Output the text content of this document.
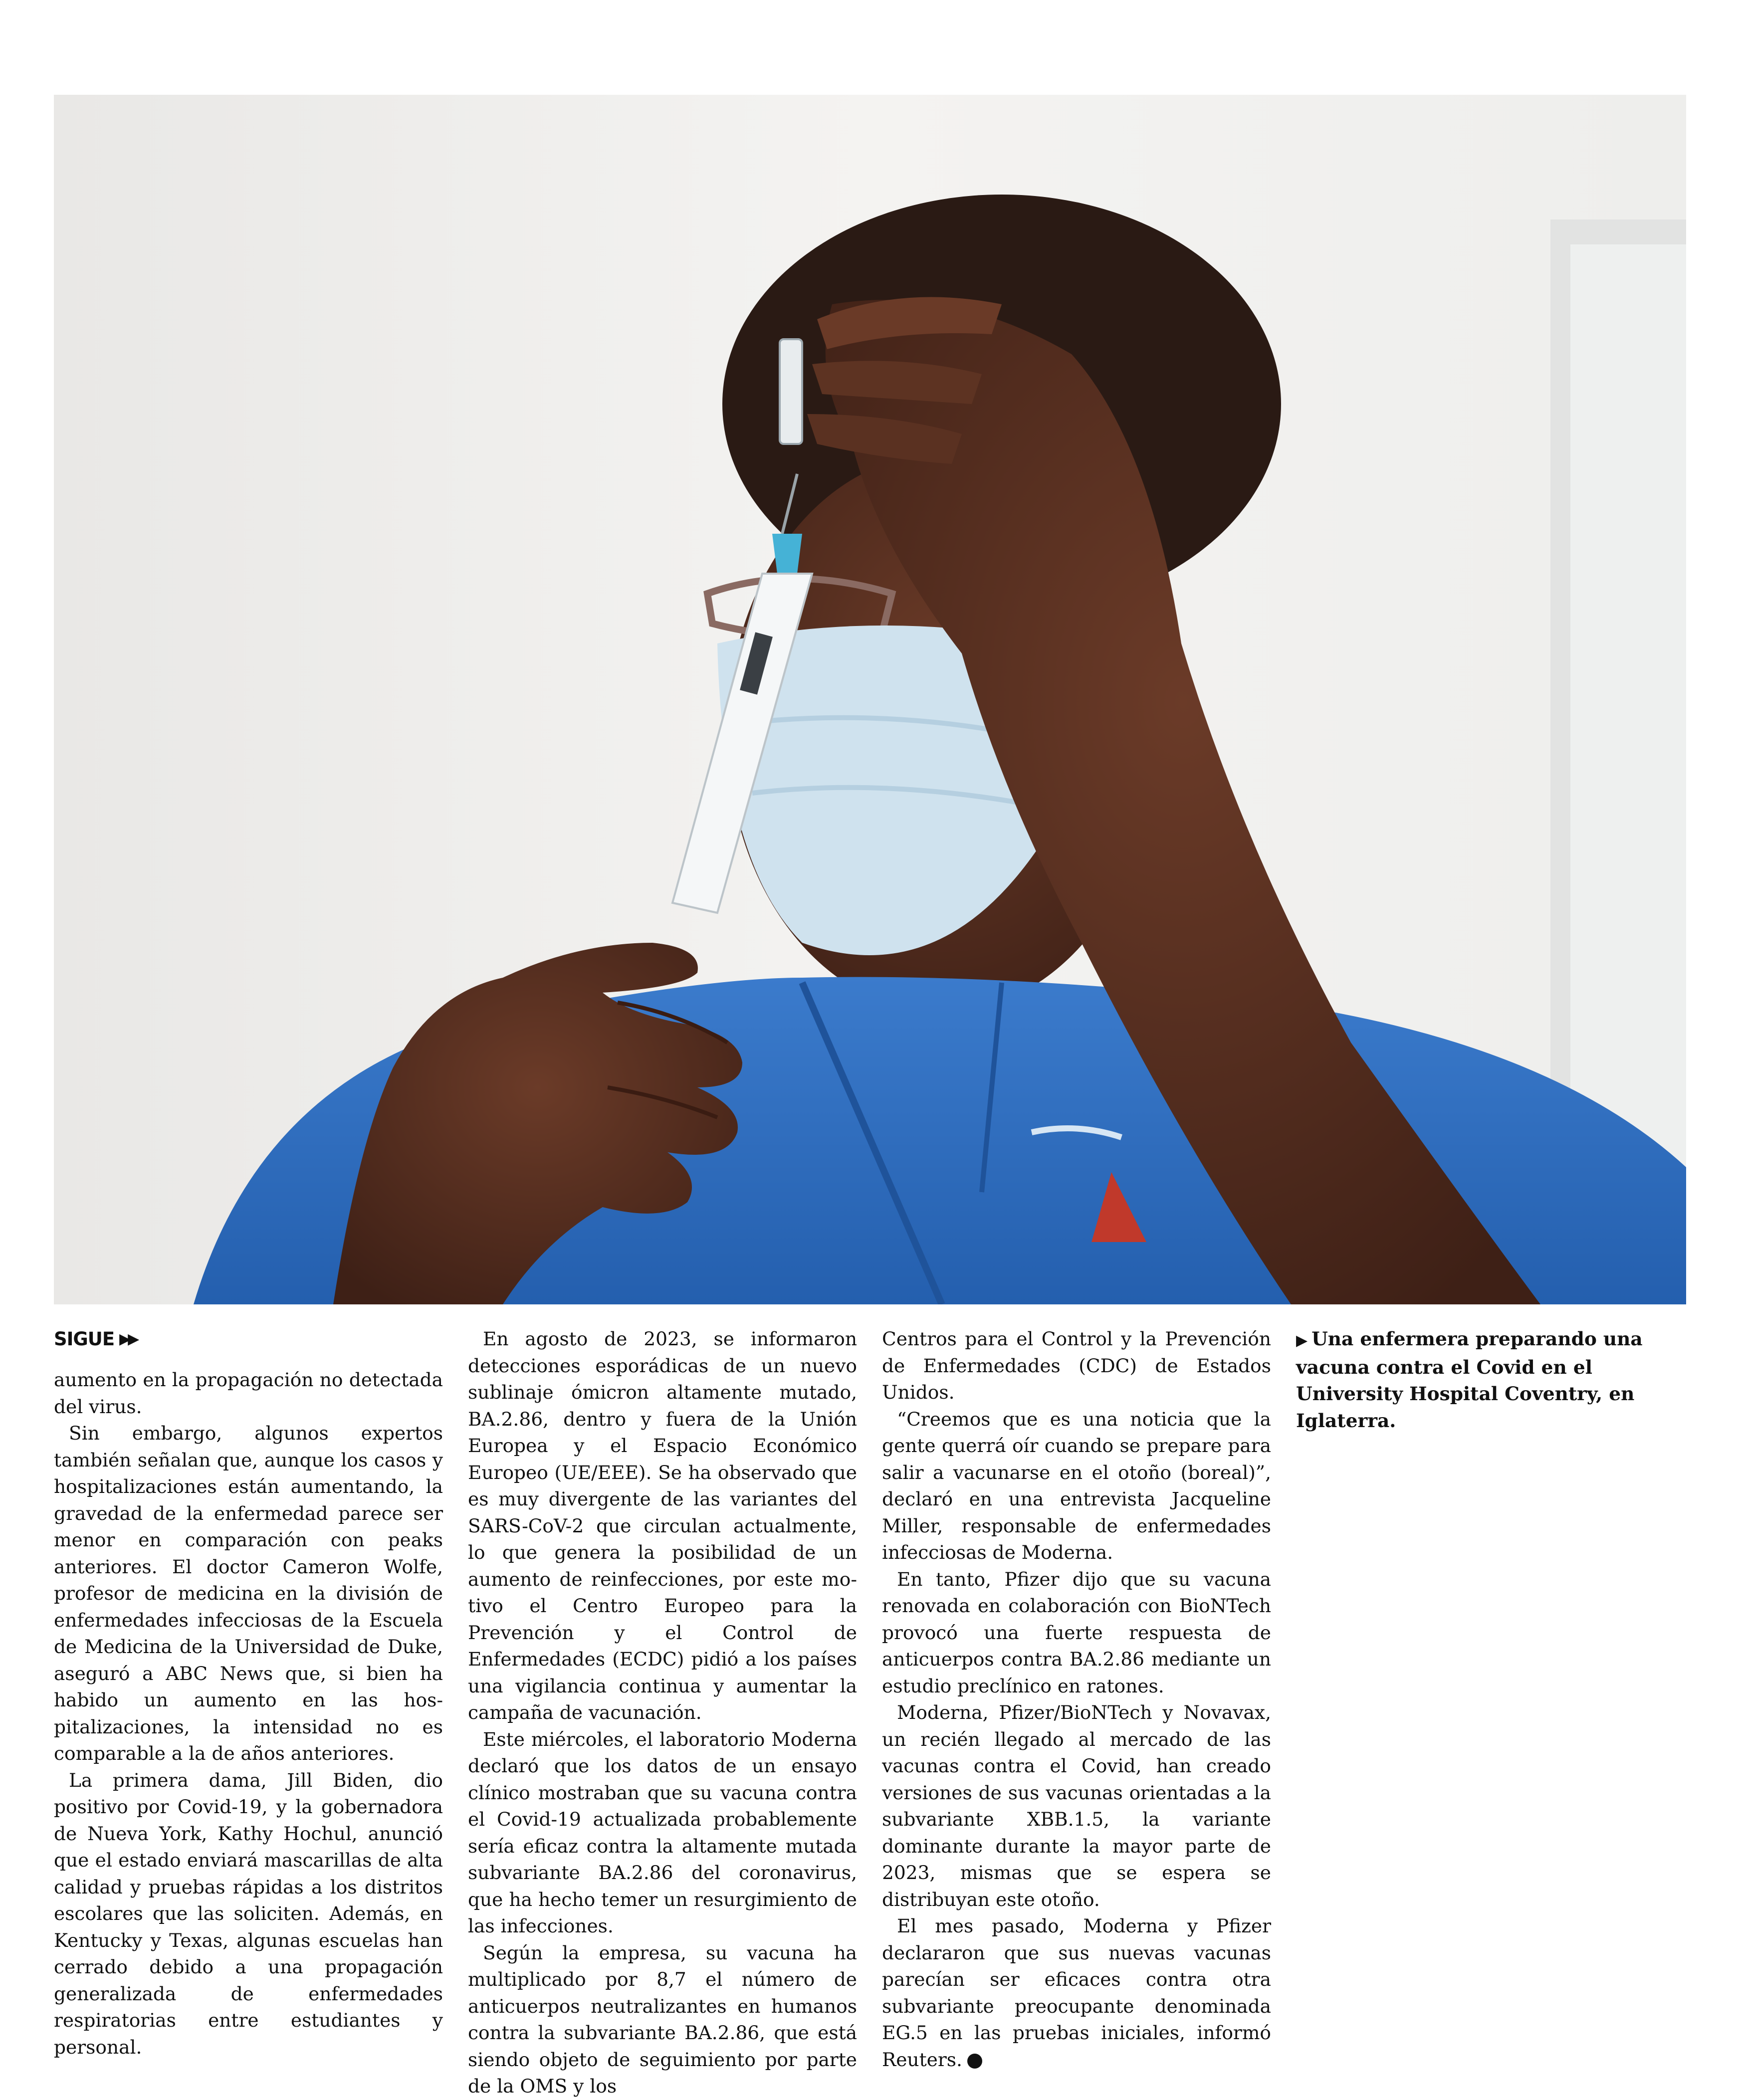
SIGUE ▶▶

aumento en la propagación no detectada del virus.

Sin embargo, algunos expertos también señalan que, aunque los casos y hospitalizaciones están aumentando, la gravedad de la enfermedad parece ser menor en comparación con peaks anteriores. El doctor Cameron Wolfe, profesor de medicina en la división de enfermedades infecciosas de la Escuela de Medicina de la Universidad de Duke, aseguró a ABC News que, si bien ha habido un aumento en las hospitalizaciones, la intensidad no es comparable a la de años anteriores.

La primera dama, Jill Biden, dio positivo por Covid-19, y la gobernadora de Nueva York, Kathy Hochul, anunció que el estado enviará mascarillas de alta calidad y pruebas rápidas a los distritos escolares que las soliciten. Además, en Kentucky y Texas, algunas escuelas han cerrado debido a una propagación generalizada de enfermedades respiratorias entre estudiantes y personal.

En agosto de 2023, se informaron detecciones esporádicas de un nuevo sublinaje ómicron altamente mutado, BA.2.86, dentro y fuera de la Unión Europea y el Espacio Económico Europeo (UE/EEE). Se ha observado que es muy divergente de las variantes del SARS-CoV-2 que circulan actualmente, lo que genera la posibilidad de un aumento de reinfecciones, por este motivo el Centro Europeo para la Prevención y el Control de Enfermedades (ECDC) pidió a los países una vigilancia continua y aumentar la campaña de vacunación.

Este miércoles, el laboratorio Moderna declaró que los datos de un ensayo clínico mostraban que su vacuna contra el Covid-19 actualizada probablemente sería eficaz contra la altamente mutada subvariante BA.2.86 del coronavirus, que ha hecho temer un resurgimiento de las infecciones.

Según la empresa, su vacuna ha multiplicado por 8,7 el número de anticuerpos neutralizantes en humanos contra la subvariante BA.2.86, que está siendo objeto de seguimiento por parte de la OMS y los

Centros para el Control y la Prevención de Enfermedades (CDC) de Estados Unidos.

“Creemos que es una noticia que la gente querrá oír cuando se prepare para salir a vacunarse en el otoño (boreal)”, declaró en una entrevista Jacqueline Miller, responsable de enfermedades infecciosas de Moderna.

En tanto, Pfizer dijo que su vacuna renovada en colaboración con BioNTech provocó una fuerte respuesta de anticuerpos contra BA.2.86 mediante un estudio preclínico en ratones.

Moderna, Pfizer/BioNTech y Novavax, un recién llegado al mercado de las vacunas contra el Covid, han creado versiones de sus vacunas orientadas a la subvariante XBB.1.5, la variante dominante durante la mayor parte de 2023, mismas que se espera se distribuyan este otoño.

El mes pasado, Moderna y Pfizer declararon que sus nuevas vacunas parecían ser eficaces contra otra subvariante preocupante denominada EG.5 en las pruebas iniciales, informó Reuters.

▶ Una enfermera preparando una vacuna contra el Covid en el University Hospital Coventry, en Iglaterra.
